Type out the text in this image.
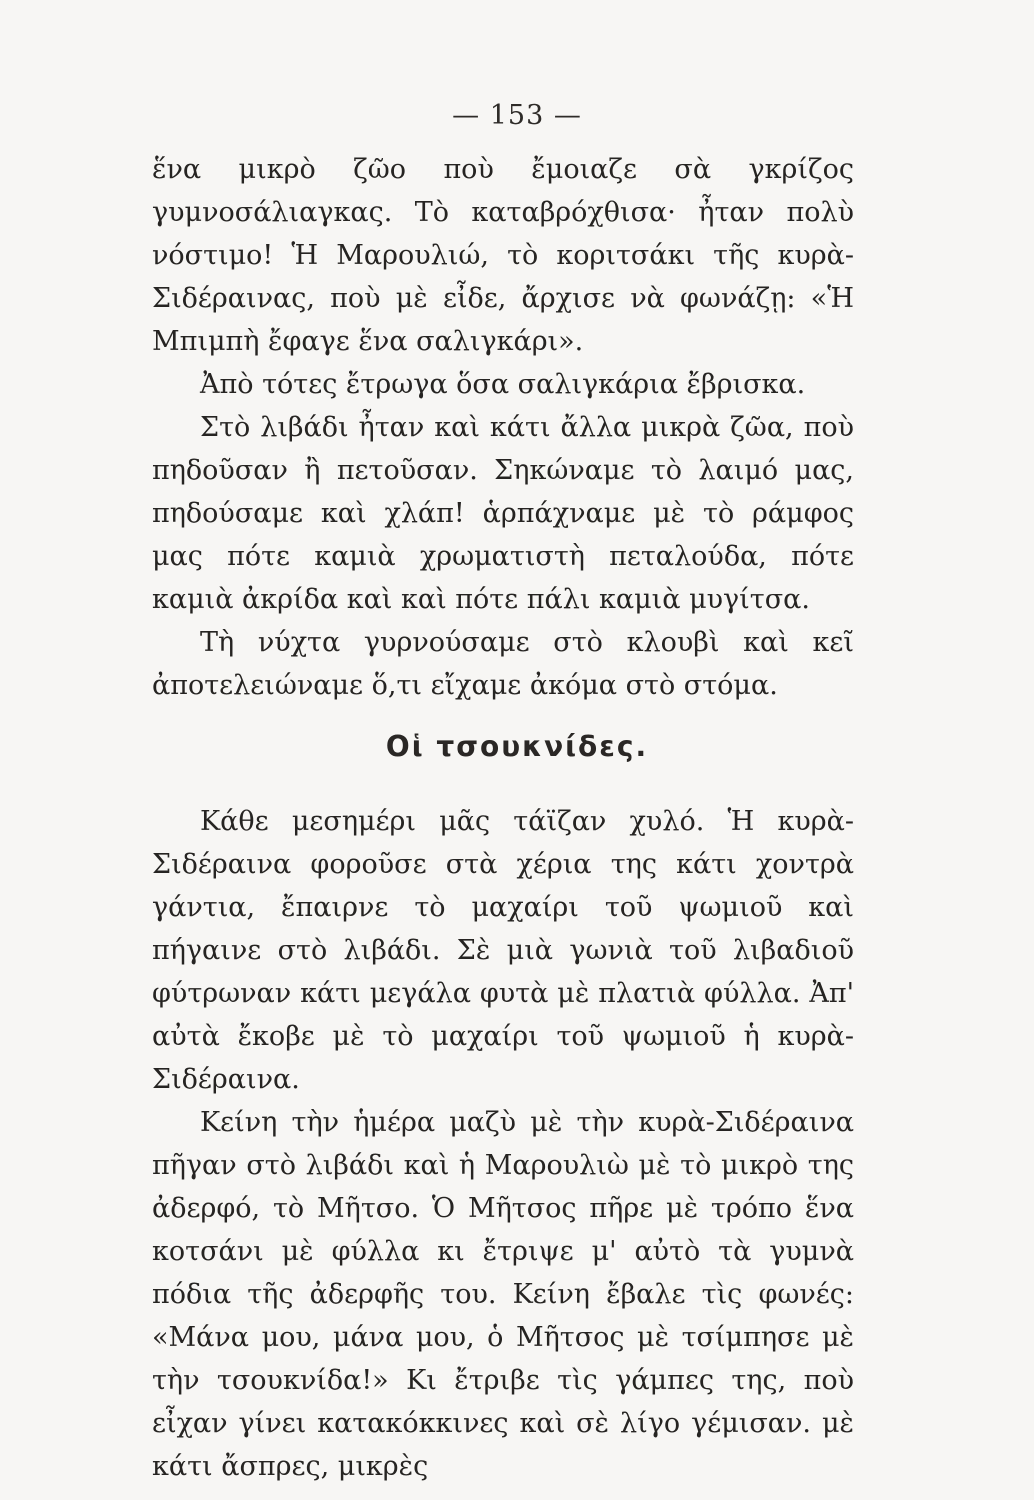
— 153 —

ἕνα μικρὸ ζῶο ποὺ ἔμοιαζε σὰ γκρίζος γυμνοσάλιαγκας. Τὸ καταβρόχθισα· ἦταν πολὺ νόστιμο! Ἡ Μαρουλιώ, τὸ κοριτσάκι τῆς κυρὰ-Σιδέραινας, ποὺ μὲ εἶδε, ἄρχισε νὰ φωνάζῃ: «Ἡ Μπιμπὴ ἔφαγε ἕνα σαλιγκάρι».

Ἀπὸ τότες ἔτρωγα ὅσα σαλιγκάρια ἔβρισκα.

Στὸ λιβάδι ἦταν καὶ κάτι ἄλλα μικρὰ ζῶα, ποὺ πηδοῦσαν ἢ πετοῦσαν. Σηκώναμε τὸ λαιμό μας, πηδούσαμε καὶ χλάπ! ἁρπάχναμε μὲ τὸ ράμφος μας πότε καμιὰ χρωματιστὴ πεταλούδα, πότε καμιὰ ἀκρίδα καὶ καὶ πότε πάλι καμιὰ μυγίτσα.

Τὴ νύχτα γυρνούσαμε στὸ κλουβὶ καὶ κεῖ ἀποτελειώναμε ὅ,τι εἴχαμε ἀκόμα στὸ στόμα.

Οἱ τσουκνίδες.

Κάθε μεσημέρι μᾶς τάϊζαν χυλό. Ἡ κυρὰ-Σιδέραινα φοροῦσε στὰ χέρια της κάτι χοντρὰ γάντια, ἔπαιρνε τὸ μαχαίρι τοῦ ψωμιοῦ καὶ πήγαινε στὸ λιβάδι. Σὲ μιὰ γωνιὰ τοῦ λιβαδιοῦ φύτρωναν κάτι μεγάλα φυτὰ μὲ πλατιὰ φύλλα. Ἀπ' αὐτὰ ἔκοβε μὲ τὸ μαχαίρι τοῦ ψωμιοῦ ἡ κυρὰ-Σιδέραινα.

Κείνη τὴν ἡμέρα μαζὺ μὲ τὴν κυρὰ-Σιδέραινα πῆγαν στὸ λιβάδι καὶ ἡ Μαρουλιὼ μὲ τὸ μικρὸ της ἀδερφό, τὸ Μῆτσο. Ὁ Μῆτσος πῆρε μὲ τρόπο ἕνα κοτσάνι μὲ φύλλα κι ἔτριψε μ' αὐτὸ τὰ γυμνὰ πόδια τῆς ἀδερφῆς του. Κείνη ἔβαλε τὶς φωνές: «Μάνα μου, μάνα μου, ὁ Μῆτσος μὲ τσίμπησε μὲ τὴν τσουκνίδα!» Κι ἔτριβε τὶς γάμπες της, ποὺ εἶχαν γίνει κατακόκκινες καὶ σὲ λίγο γέμισαν. μὲ κάτι ἄσπρες, μικρὲς
